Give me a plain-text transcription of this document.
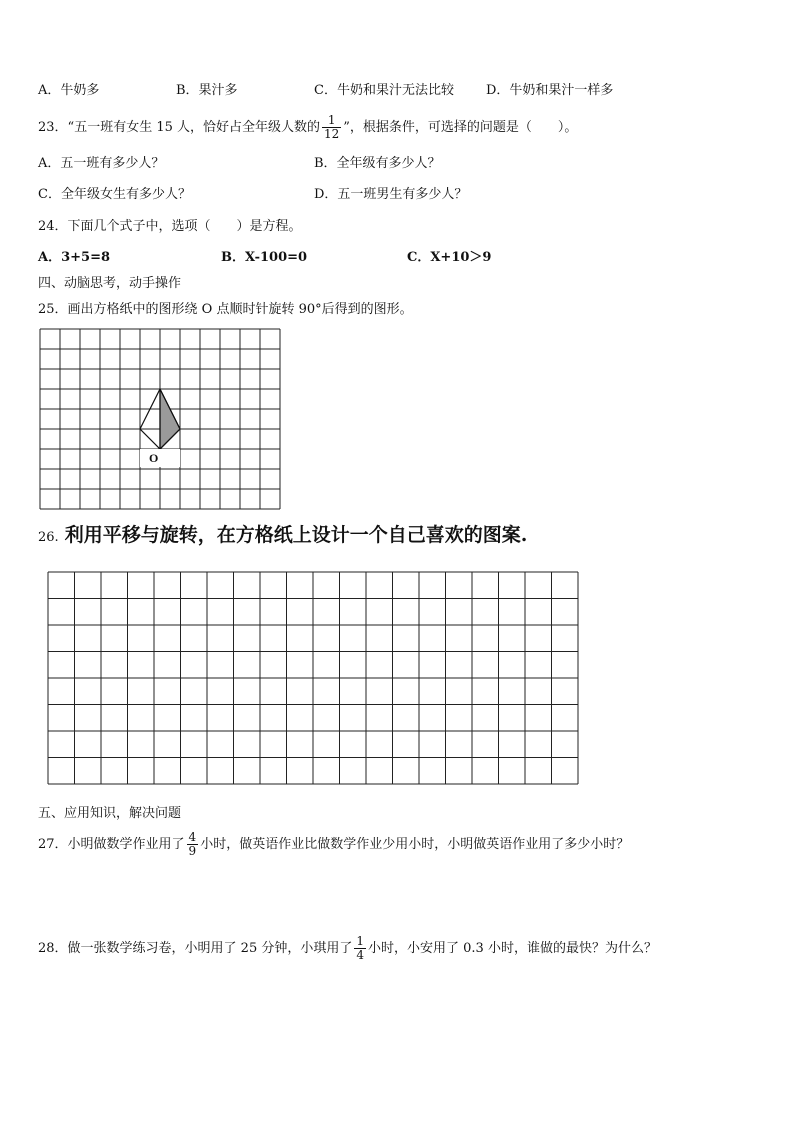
A．牛奶多	B．果汁多	C．牛奶和果汁无法比较 D．牛奶和果汁一样多
23．“五一班有女生 15 人，恰好占全年级人数的 $\frac{1}{12}$ ”，根据条件，可选择的问题是（　　）。
A．五一班有多少人？	B．全年级有多少人？
C．全年级女生有多少人？	D．五一班男生有多少人？
24．下面几个式子中，选项（　　）是方程。
A．3+5=8	B．X-100=0	C．X+10＞9
四、动脑思考，动手操作
25．画出方格纸中的图形绕 O 点顺时针旋转 90°后得到的图形。
O
26. 利用平移与旋转，在方格纸上设计一个自己喜欢的图案.
五、应用知识，解决问题
27．小明做数学作业用了 $\frac{4}{9}$ 小时，做英语作业比做数学作业少用小时，小明做英语作业用了多少小时？
28．做一张数学练习卷，小明用了 25 分钟，小琪用了 $\frac{1}{4}$ 小时，小安用了 0.3 小时，谁做的最快？为什么？
